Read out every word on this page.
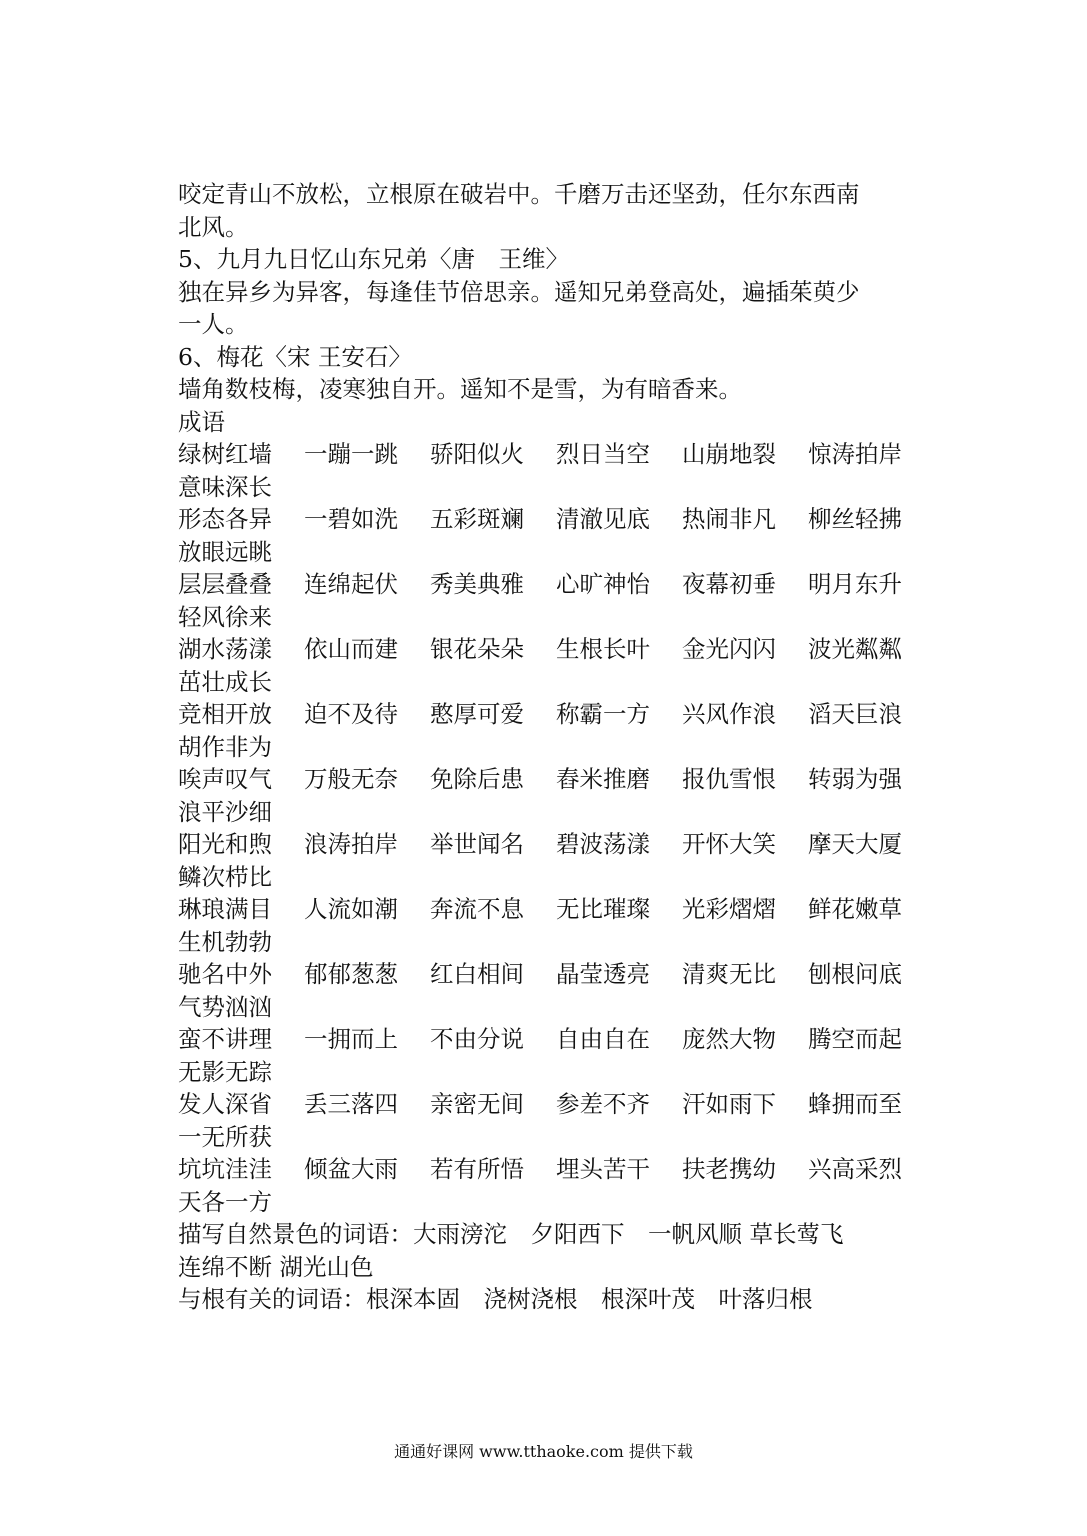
咬定青山不放松，立根原在破岩中。千磨万击还坚劲，任尔东西南
北风。
5、九月九日忆山东兄弟〈唐　王维〉
独在异乡为异客，每逢佳节倍思亲。遥知兄弟登高处，遍插茱萸少
一人。
6、梅花〈宋 王安石〉
墙角数枝梅，凌寒独自开。遥知不是雪，为有暗香来。
成语
绿树红墙 一蹦一跳 骄阳似火 烈日当空 山崩地裂 惊涛拍岸
意味深长
形态各异 一碧如洗 五彩斑斓 清澈见底 热闹非凡 柳丝轻拂
放眼远眺
层层叠叠 连绵起伏 秀美典雅 心旷神怡 夜幕初垂 明月东升
轻风徐来
湖水荡漾 依山而建 银花朵朵 生根长叶 金光闪闪 波光粼粼
茁壮成长
竞相开放 迫不及待 憨厚可爱 称霸一方 兴风作浪 滔天巨浪
胡作非为
唉声叹气 万般无奈 免除后患 舂米推磨 报仇雪恨 转弱为强
浪平沙细
阳光和煦 浪涛拍岸 举世闻名 碧波荡漾 开怀大笑 摩天大厦
鳞次栉比
琳琅满目 人流如潮 奔流不息 无比璀璨 光彩熠熠 鲜花嫩草
生机勃勃
驰名中外 郁郁葱葱 红白相间 晶莹透亮 清爽无比 刨根问底
气势汹汹
蛮不讲理 一拥而上 不由分说 自由自在 庞然大物 腾空而起
无影无踪
发人深省 丢三落四 亲密无间 参差不齐 汗如雨下 蜂拥而至
一无所获
坑坑洼洼 倾盆大雨 若有所悟 埋头苦干 扶老携幼 兴高采烈
天各一方
描写自然景色的词语：大雨滂沱　夕阳西下　一帆风顺 草长莺飞
连绵不断 湖光山色
与根有关的词语：根深本固　浇树浇根　根深叶茂　叶落归根
通通好课网 www.tthaoke.com 提供下载
